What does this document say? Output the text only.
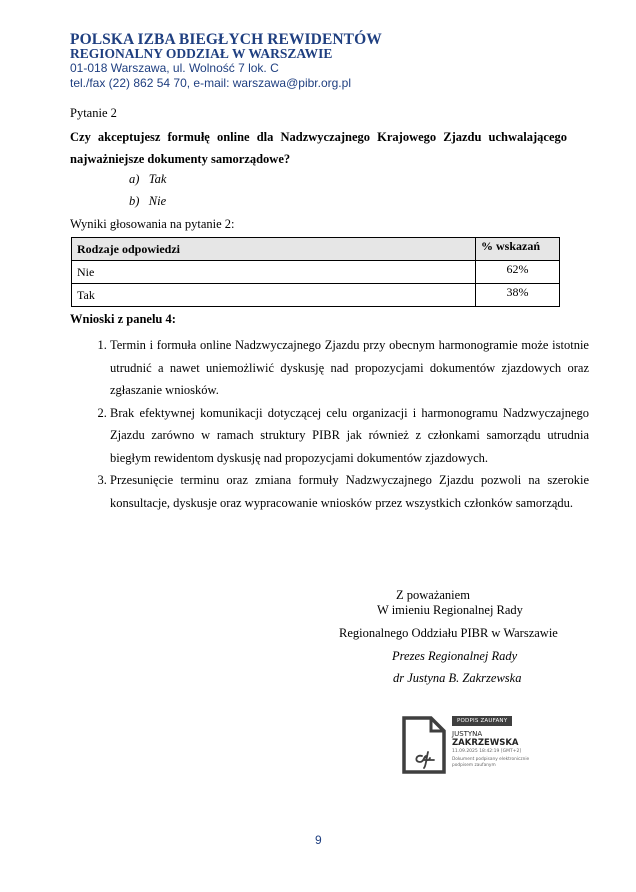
POLSKA IZBA BIEGŁYCH REWIDENTÓW
REGIONALNY ODDZIAŁ W WARSZAWIE
01-018 Warszawa, ul. Wolność 7 lok. C
tel./fax (22) 862 54 70, e-mail: warszawa@pibr.org.pl
Pytanie 2
Czy akceptujesz formułę online dla Nadzwyczajnego Krajowego Zjazdu uchwalającego najważniejsze dokumenty samorządowe?
a) Tak
b) Nie
Wyniki głosowania na pytanie 2:
Rodzaje odpowiedzi	% wskazań
Nie	62%
Tak	38%
Wnioski z panelu 4:
1. Termin i formuła online Nadzwyczajnego Zjazdu przy obecnym harmonogramie może istotnie utrudnić a nawet uniemożliwić dyskusję nad propozycjami dokumentów zjazdowych oraz zgłaszanie wniosków.
2. Brak efektywnej komunikacji dotyczącej celu organizacji i harmonogramu Nadzwyczajnego Zjazdu zarówno w ramach struktury PIBR jak również z członkami samorządu utrudnia biegłym rewidentom dyskusję nad propozycjami dokumentów zjazdowych.
3. Przesunięcie terminu oraz zmiana formuły Nadzwyczajnego Zjazdu pozwoli na szerokie konsultacje, dyskusje oraz wypracowanie wniosków przez wszystkich członków samorządu.
Z poważaniem
W imieniu Regionalnej Rady
Regionalnego Oddziału PIBR w Warszawie
Prezes Regionalnej Rady
dr Justyna B. Zakrzewska
PODPIS ZAUFANY
JUSTYNA
ZAKRZEWSKA
11.09.2025 18:42:19 [GMT+2]
Dokument podpisany elektronicznie podpisem zaufanym
9
